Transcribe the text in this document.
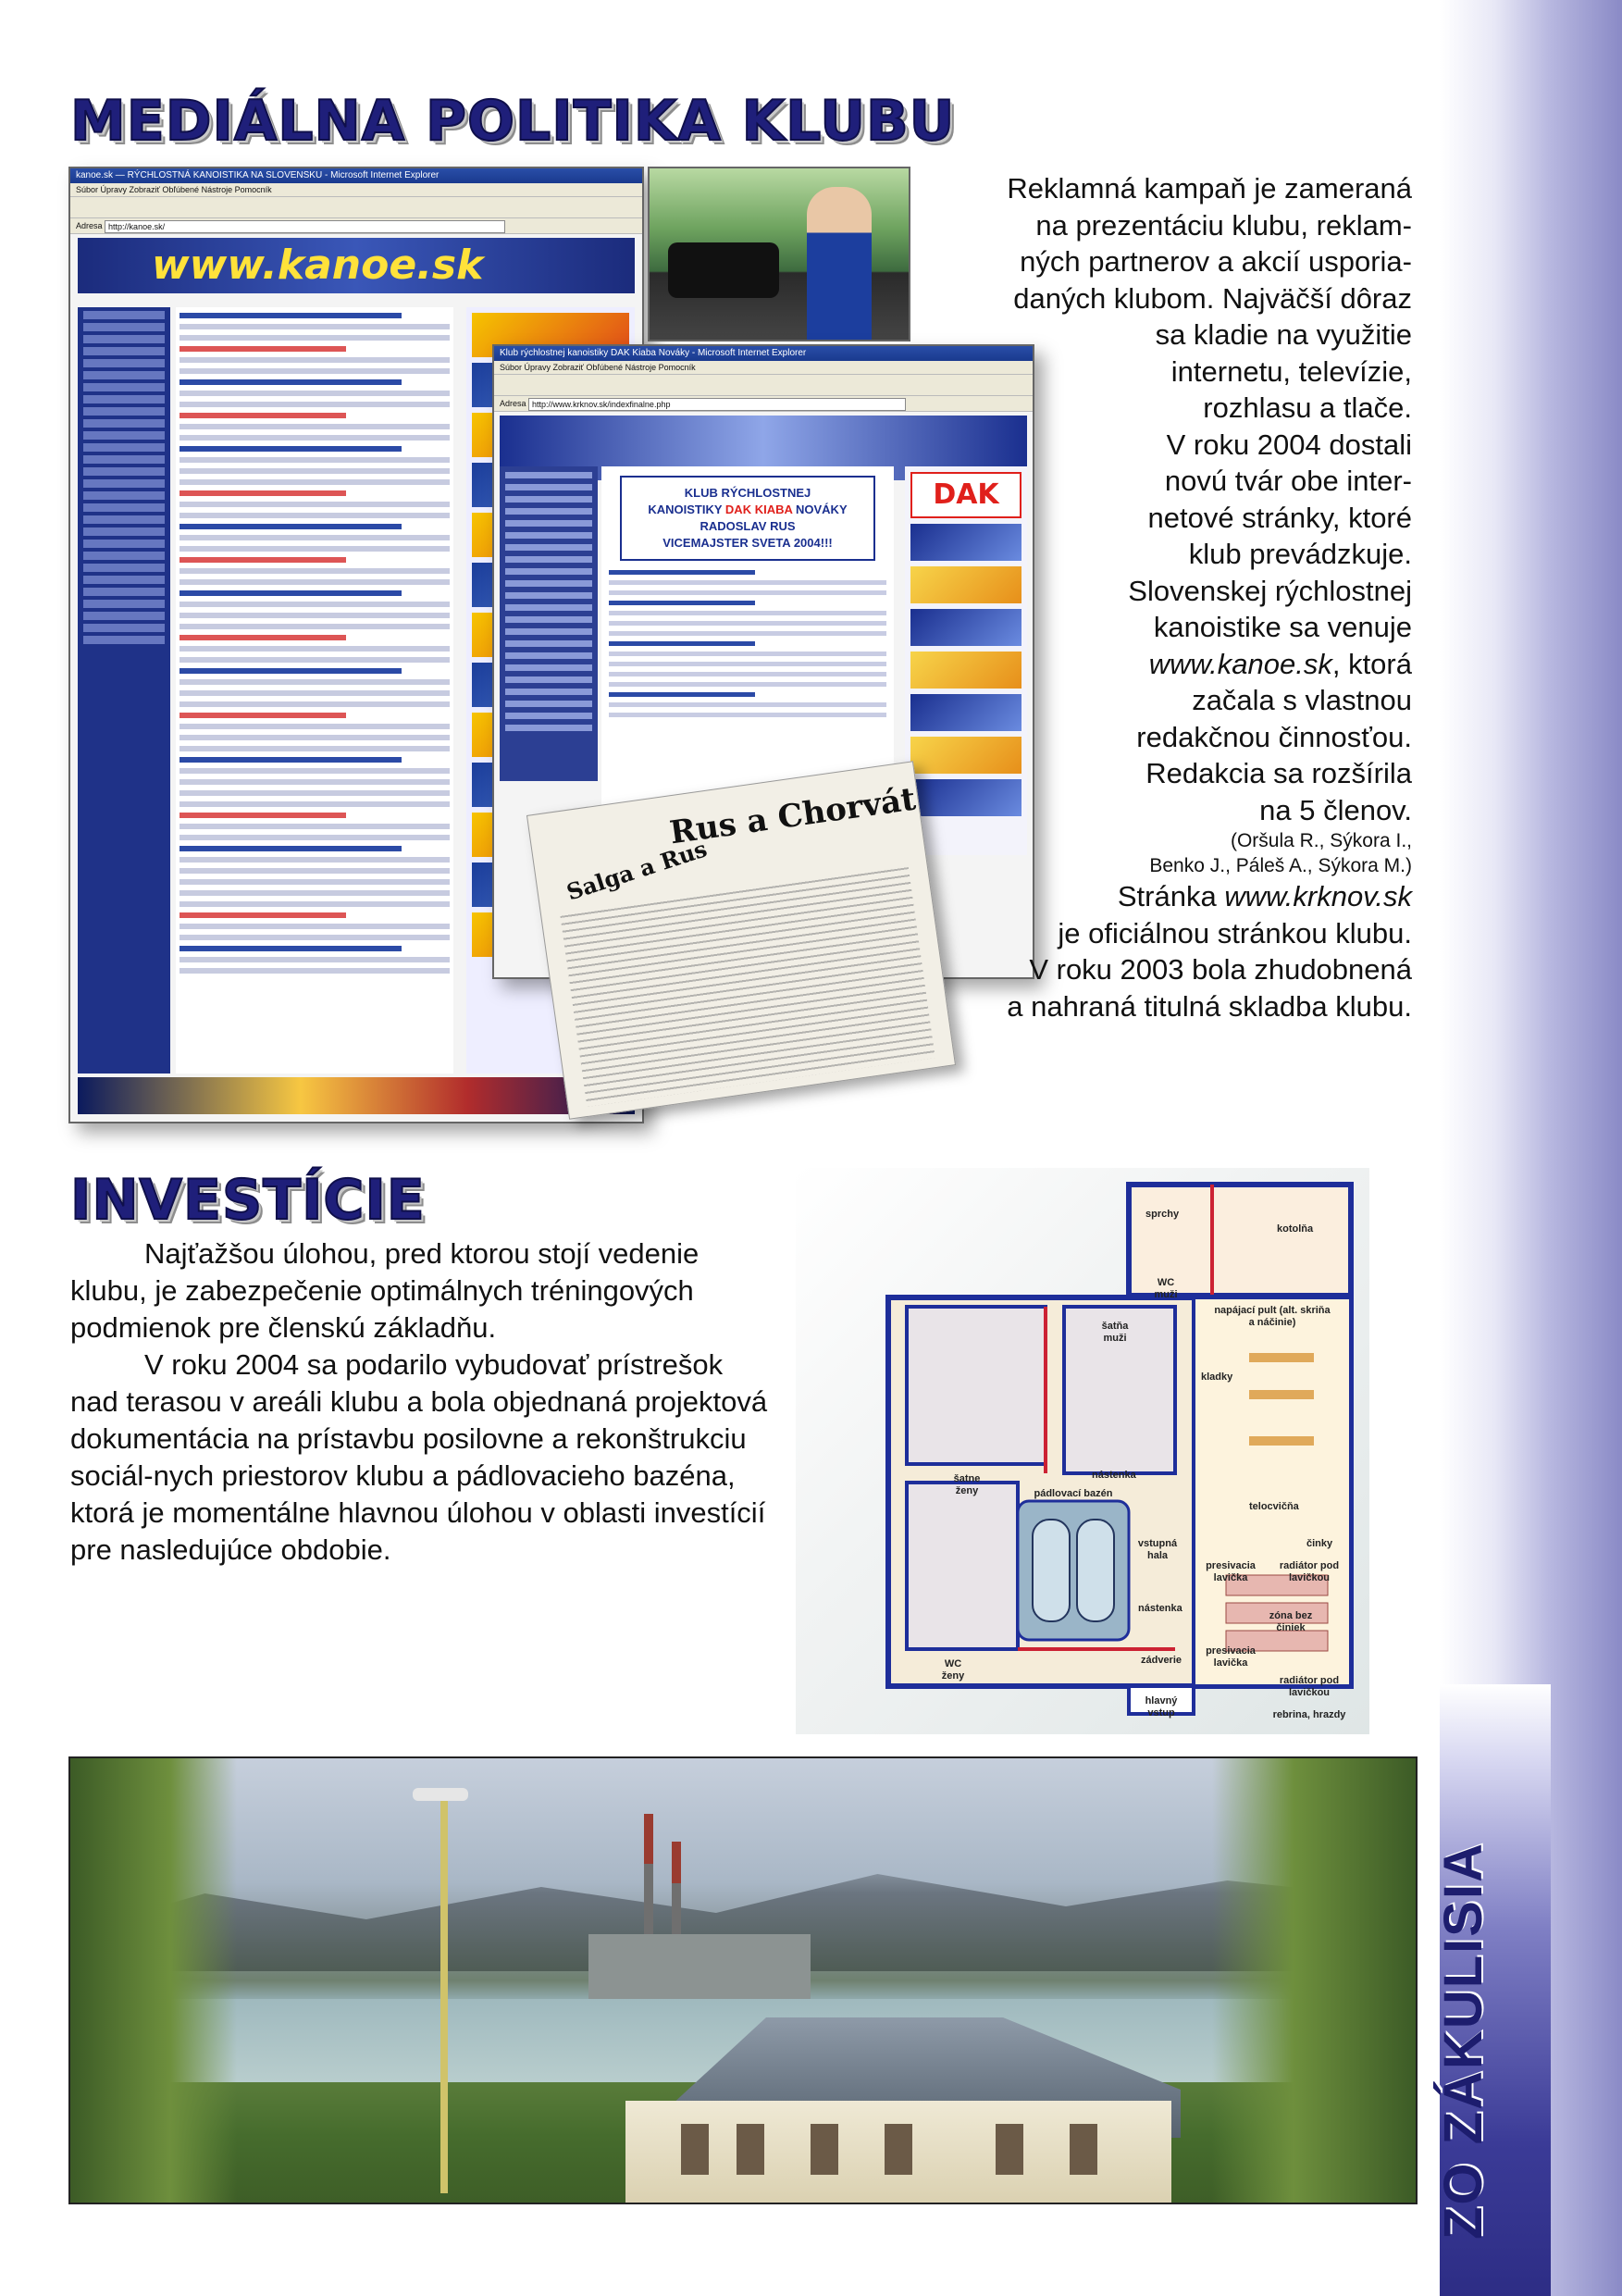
ZO ZÁKULISIA
MEDIÁLNA POLITIKA KLUBU
kanoe.sk — RÝCHLOSTNÁ KANOISTIKA NA SLOVENSKU - Microsoft Internet Explorer
Súbor Úpravy Zobraziť Obľúbené Nástroje Pomocník
Adresa http://kanoe.sk/
www.kanoe.sk
Klub rýchlostnej kanoistiky DAK Kiaba Nováky - Microsoft Internet Explorer
Súbor Úpravy Zobraziť Obľúbené Nástroje Pomocník
Adresa http://www.krknov.sk/indexfinalne.php
KLUB RÝCHLOSTNEJ
KANOISTIKY DAK KIABA NOVÁKY
RADOSLAV RUS
VICEMAJSTER SVETA 2004!!!
DAK
Rus a Chorvát
Salga a Rus
Reklamná kampaň je zameraná
na prezentáciu klubu, reklam-
ných partnerov a akcií usporia-
daných klubom. Najväčší dôraz
sa kladie na využitie
internetu, televízie,
rozhlasu a tlače.
V roku 2004 dostali
novú tvár obe inter-
netové stránky, ktoré
klub prevádzkuje.
Slovenskej rýchlostnej
kanoistike sa venuje
www.kanoe.sk, ktorá
začala s vlastnou
redakčnou činnosťou.
Redakcia sa rozšírila
na 5 členov.
(Oršula R., Sýkora I.,
Benko J., Páleš A., Sýkora M.)
Stránka www.krknov.sk
je oficiálnou stránkou klubu.
V roku 2003 bola zhudobnená
a nahraná titulná skladba klubu.
INVESTÍCIE

Najťažšou úlohou, pred ktorou stojí vedenie klubu, je zabezpečenie optimálnych tréningových podmienok pre členskú základňu.

V roku 2004 sa podarilo vybudovať prístrešok nad terasou v areáli klubu a bola objednaná projektová dokumentácia na prístavbu posilovne a rekonštrukciu sociál-nych priestorov klubu a pádlovacieho bazéna, ktorá je momentálne hlavnou úlohou v oblasti investícií pre nasledujúce obdobie.

sprchy
kotolňa
WC muži
šatňa muži
napájací pult (alt. skriňa a náčinie)
kladky
šatne ženy
nástenka
pádlovací bazén
telocvičňa
činky
vstupná hala
nástenka
WC ženy
presivacia lavička
radiátor pod lavičkou
zóna bez činiek
presivacia lavička
zádverie
radiátor pod lavičkou
hlavný vstup	rebrina, hrazdy
